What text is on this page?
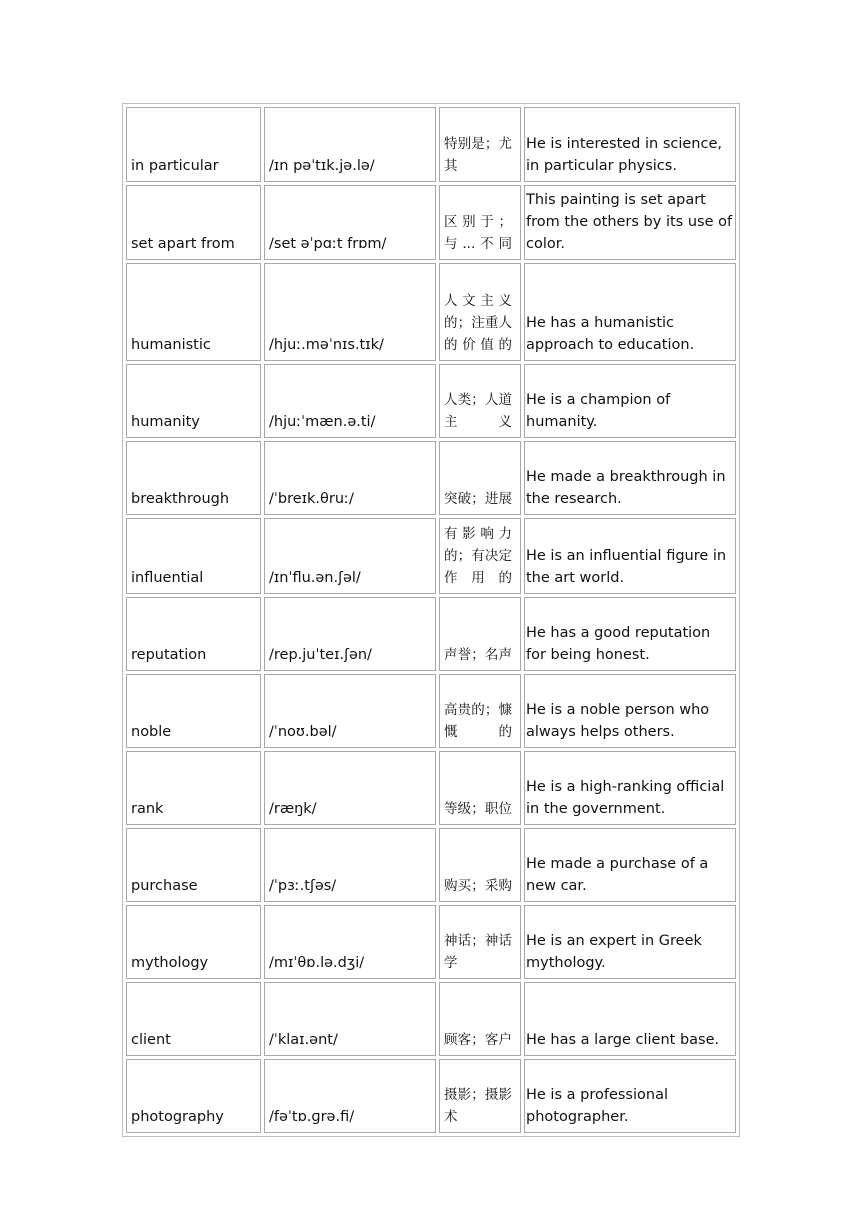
in particular	/ɪn pəˈtɪk.jə.lə/	特别是；尤其	He is interested in science, in particular physics.
set apart from	/set əˈpɑːt frɒm/	区别于；与...不同	This painting is set apart from the others by its use of color.
humanistic	/hjuː.məˈnɪs.tɪk/	人文主义的；注重人的价值的	He has a humanistic approach to education.
humanity	/hjuːˈmæn.ə.ti/	人类；人道主义	He is a champion of humanity.
breakthrough	/ˈbreɪk.θruː/	突破；进展	He made a breakthrough in the research.
influential	/ɪnˈflu.ən.ʃəl/	有影响力的；有决定作用的	He is an influential figure in the art world.
reputation	/rep.juˈteɪ.ʃən/	声誉；名声	He has a good reputation for being honest.
noble	/ˈnoʊ.bəl/	高贵的；慷慨的	He is a noble person who always helps others.
rank	/ræŋk/	等级；职位	He is a high-ranking official in the government.
purchase	/ˈpɜː.tʃəs/	购买；采购	He made a purchase of a new car.
mythology	/mɪˈθɒ.lə.dʒi/	神话；神话学	He is an expert in Greek mythology.
client	/ˈklaɪ.ənt/	顾客；客户	He has a large client base.
photography	/fəˈtɒ.ɡrə.fi/	摄影；摄影术	He is a professional photographer.
